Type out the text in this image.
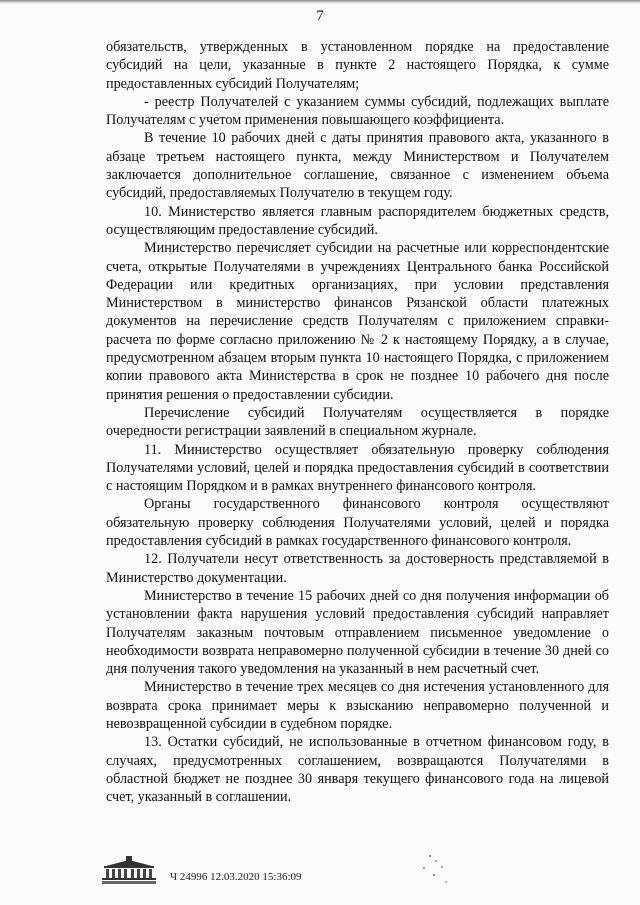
7

обязательств, утвержденных в установленном порядке на предоставление субсидий на цели, указанные в пункте 2 настоящего Порядка, к сумме предоставленных субсидий Получателям;

- реестр Получателей с указанием суммы субсидий, подлежащих выплате Получателям с учетом применения повышающего коэффициента.

В течение 10 рабочих дней с даты принятия правового акта, указанного в абзаце третьем настоящего пункта, между Министерством и Получателем заключается дополнительное соглашение, связанное с изменением объема субсидий, предоставляемых Получателю в текущем году.

10. Министерство является главным распорядителем бюджетных средств, осуществляющим предоставление субсидий.

Министерство перечисляет субсидии на расчетные или корреспондентские счета, открытые Получателями в учреждениях Центрального банка Российской Федерации или кредитных организациях, при условии представления Министерством в министерство финансов Рязанской области платежных документов на перечисление средств Получателям с приложением справки-расчета по форме согласно приложению № 2 к настоящему Порядку, а в случае, предусмотренном абзацем вторым пункта 10 настоящего Порядка, с приложением копии правового акта Министерства в срок не позднее 10 рабочего дня после принятия решения о предоставлении субсидии.

Перечисление субсидий Получателям осуществляется в порядке очередности регистрации заявлений в специальном журнале.

11. Министерство осуществляет обязательную проверку соблюдения Получателями условий, целей и порядка предоставления субсидий в соответствии с настоящим Порядком и в рамках внутреннего финансового контроля.

Органы государственного финансового контроля осуществляют обязательную проверку соблюдения Получателями условий, целей и порядка предоставления субсидий в рамках государственного финансового контроля.

12. Получатели несут ответственность за достоверность представляемой в Министерство документации.

Министерство в течение 15 рабочих дней со дня получения информации об установлении факта нарушения условий предоставления субсидий направляет Получателям заказным почтовым отправлением письменное уведомление о необходимости возврата неправомерно полученной субсидии в течение 30 дней со дня получения такого уведомления на указанный в нем расчетный счет.

Министерство в течение трех месяцев со дня истечения установленного для возврата срока принимает меры к взысканию неправомерно полученной и невозвращенной субсидии в судебном порядке.

13. Остатки субсидий, не использованные в отчетном финансовом году, в случаях, предусмотренных соглашением, возвращаются Получателями в областной бюджет не позднее 30 января текущего финансового года на лицевой счет, указанный в соглашении.

Ч 24996 12.03.2020 15:36:09
